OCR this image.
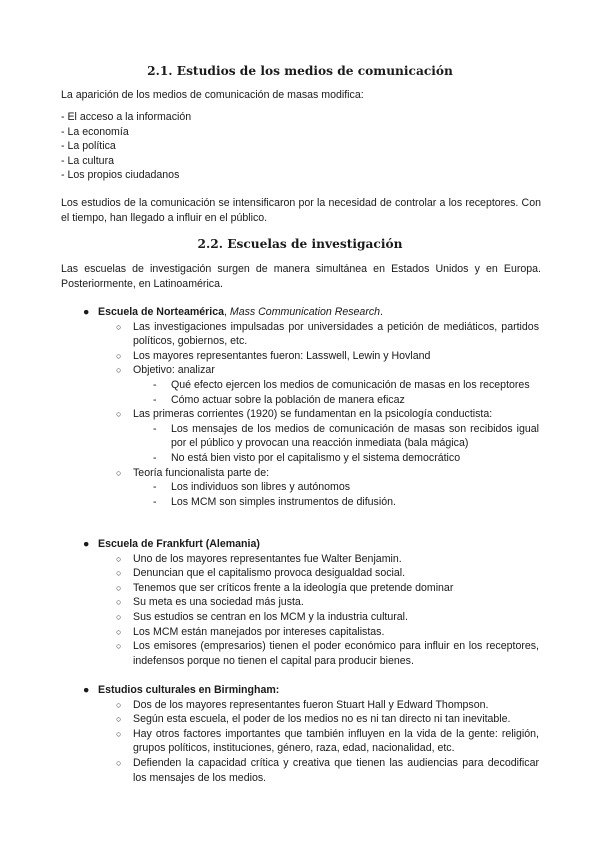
2.1. Estudios de los medios de comunicación
La aparición de los medios de comunicación de masas modifica:
- El acceso a la información
- La economía
- La política
- La cultura
- Los propios ciudadanos
Los estudios de la comunicación se intensificaron por la necesidad de controlar a los receptores. Con el tiempo, han llegado a influir en el público.
2.2. Escuelas de investigación
Las escuelas de investigación surgen de manera simultánea en Estados Unidos y en Europa. Posteriormente, en Latinoamérica.
● Escuela de Norteamérica, Mass Communication Research.
○ Las investigaciones impulsadas por universidades a petición de mediáticos, partidos políticos, gobiernos, etc.
○ Los mayores representantes fueron: Lasswell, Lewin y Hovland
○ Objetivo: analizar
- Qué efecto ejercen los medios de comunicación de masas en los receptores
- Cómo actuar sobre la población de manera eficaz
○ Las primeras corrientes (1920) se fundamentan en la psicología conductista:
- Los mensajes de los medios de comunicación de masas son recibidos igual por el público y provocan una reacción inmediata (bala mágica)
- No está bien visto por el capitalismo y el sistema democrático
○ Teoría funcionalista parte de:
- Los individuos son libres y autónomos
- Los MCM son simples instrumentos de difusión.
● Escuela de Frankfurt (Alemania)
○ Uno de los mayores representantes fue Walter Benjamin.
○ Denuncian que el capitalismo provoca desigualdad social.
○ Tenemos que ser críticos frente a la ideología que pretende dominar
○ Su meta es una sociedad más justa.
○ Sus estudios se centran en los MCM y la industria cultural.
○ Los MCM están manejados por intereses capitalistas.
○ Los emisores (empresarios) tienen el poder económico para influir en los receptores, indefensos porque no tienen el capital para producir bienes.
● Estudios culturales en Birmingham:
○ Dos de los mayores representantes fueron Stuart Hall y Edward Thompson.
○ Según esta escuela, el poder de los medios no es ni tan directo ni tan inevitable.
○ Hay otros factores importantes que también influyen en la vida de la gente: religión, grupos políticos, instituciones, género, raza, edad, nacionalidad, etc.
○ Defienden la capacidad crítica y creativa que tienen las audiencias para decodificar los mensajes de los medios.
